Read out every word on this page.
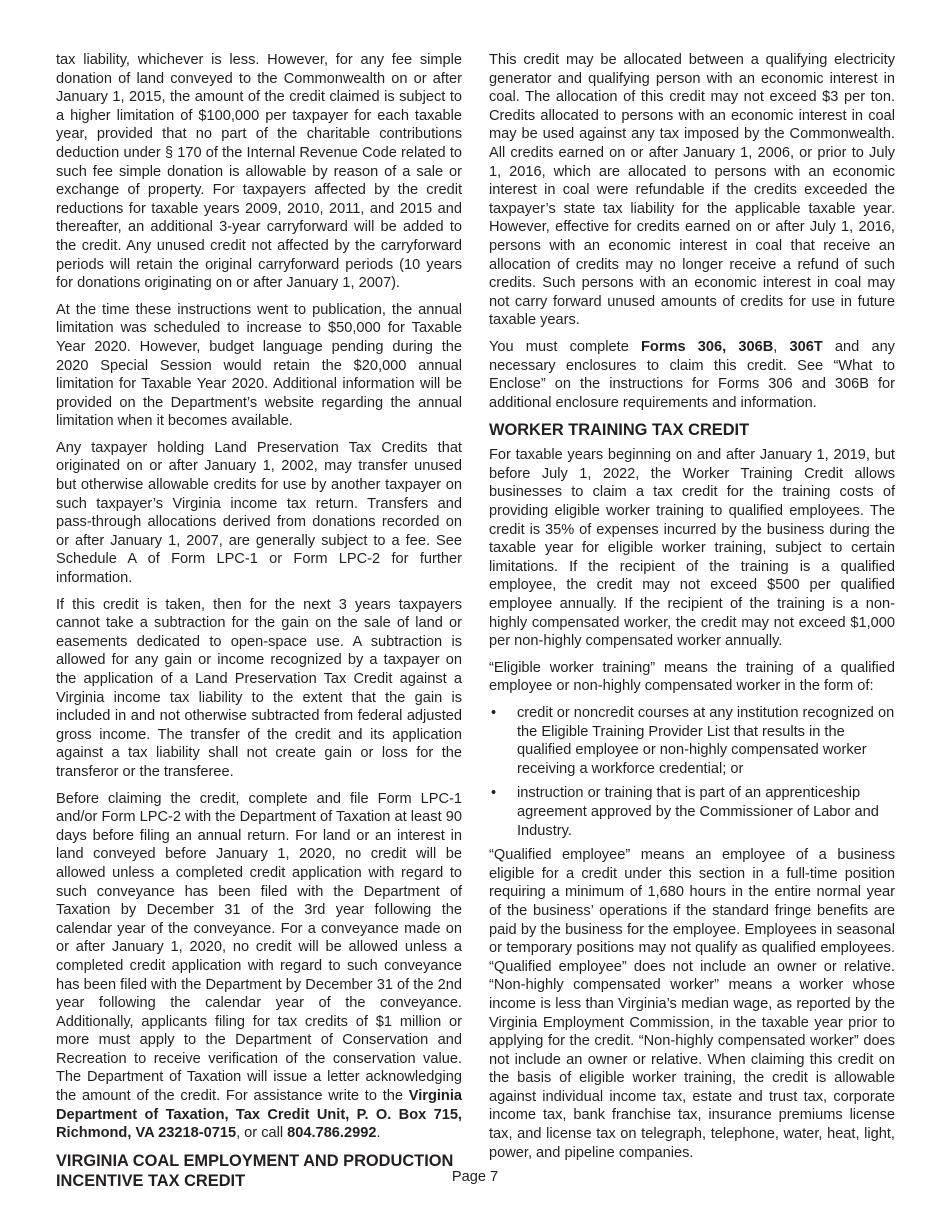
tax liability, whichever is less. However, for any fee simple donation of land conveyed to the Commonwealth on or after January 1, 2015, the amount of the credit claimed is subject to a higher limitation of $100,000 per taxpayer for each taxable year, provided that no part of the charitable contributions deduction under § 170 of the Internal Revenue Code related to such fee simple donation is allowable by reason of a sale or exchange of property. For taxpayers affected by the credit reductions for taxable years 2009, 2010, 2011, and 2015 and thereafter, an additional 3-year carryforward will be added to the credit. Any unused credit not affected by the carryforward periods will retain the original carryforward periods (10 years for donations originating on or after January 1, 2007).

At the time these instructions went to publication, the annual limitation was scheduled to increase to $50,000 for Taxable Year 2020. However, budget language pending during the 2020 Special Session would retain the $20,000 annual limitation for Taxable Year 2020. Additional information will be provided on the Department’s website regarding the annual limitation when it becomes available.

Any taxpayer holding Land Preservation Tax Credits that originated on or after January 1, 2002, may transfer unused but otherwise allowable credits for use by another taxpayer on such taxpayer’s Virginia income tax return. Transfers and pass-through allocations derived from donations recorded on or after January 1, 2007, are generally subject to a fee. See Schedule A of Form LPC-1 or Form LPC-2 for further information.

If this credit is taken, then for the next 3 years taxpayers cannot take a subtraction for the gain on the sale of land or easements dedicated to open-space use. A subtraction is allowed for any gain or income recognized by a taxpayer on the application of a Land Preservation Tax Credit against a Virginia income tax liability to the extent that the gain is included in and not otherwise subtracted from federal adjusted gross income. The transfer of the credit and its application against a tax liability shall not create gain or loss for the transferor or the transferee.

Before claiming the credit, complete and file Form LPC-1 and/or Form LPC-2 with the Department of Taxation at least 90 days before filing an annual return. For land or an interest in land conveyed before January 1, 2020, no credit will be allowed unless a completed credit application with regard to such conveyance has been filed with the Department of Taxation by December 31 of the 3rd year following the calendar year of the conveyance. For a conveyance made on or after January 1, 2020, no credit will be allowed unless a completed credit application with regard to such conveyance has been filed with the Department by December 31 of the 2nd year following the calendar year of the conveyance. Additionally, applicants filing for tax credits of $1 million or more must apply to the Department of Conservation and Recreation to receive verification of the conservation value. The Department of Taxation will issue a letter acknowledging the amount of the credit. For assistance write to the Virginia Department of Taxation, Tax Credit Unit, P. O. Box 715, Richmond, VA 23218-0715, or call 804.786.2992.

VIRGINIA COAL EMPLOYMENT AND PRODUCTION INCENTIVE TAX CREDIT

This credit may be allocated between a qualifying electricity generator and qualifying person with an economic interest in coal. The allocation of this credit may not exceed $3 per ton. Credits allocated to persons with an economic interest in coal may be used against any tax imposed by the Commonwealth. All credits earned on or after January 1, 2006, or prior to July 1, 2016, which are allocated to persons with an economic interest in coal were refundable if the credits exceeded the taxpayer’s state tax liability for the applicable taxable year. However, effective for credits earned on or after July 1, 2016, persons with an economic interest in coal that receive an allocation of credits may no longer receive a refund of such credits. Such persons with an economic interest in coal may not carry forward unused amounts of credits for use in future taxable years.

You must complete Forms 306, 306B, 306T and any necessary enclosures to claim this credit. See “What to Enclose” on the instructions for Forms 306 and 306B for additional enclosure requirements and information.

WORKER TRAINING TAX CREDIT

For taxable years beginning on and after January 1, 2019, but before July 1, 2022, the Worker Training Credit allows businesses to claim a tax credit for the training costs of providing eligible worker training to qualified employees. The credit is 35% of expenses incurred by the business during the taxable year for eligible worker training, subject to certain limitations. If the recipient of the training is a qualified employee, the credit may not exceed $500 per qualified employee annually. If the recipient of the training is a non-highly compensated worker, the credit may not exceed $1,000 per non-highly compensated worker annually.

“Eligible worker training” means the training of a qualified employee or non-highly compensated worker in the form of:

• credit or noncredit courses at any institution recognized on the Eligible Training Provider List that results in the qualified employee or non-highly compensated worker receiving a workforce credential; or
• instruction or training that is part of an apprenticeship agreement approved by the Commissioner of Labor and Industry.

“Qualified employee” means an employee of a business eligible for a credit under this section in a full-time position requiring a minimum of 1,680 hours in the entire normal year of the business’ operations if the standard fringe benefits are paid by the business for the employee. Employees in seasonal or temporary positions may not qualify as qualified employees. “Qualified employee” does not include an owner or relative. “Non-highly compensated worker” means a worker whose income is less than Virginia’s median wage, as reported by the Virginia Employment Commission, in the taxable year prior to applying for the credit. “Non-highly compensated worker” does not include an owner or relative. When claiming this credit on the basis of eligible worker training, the credit is allowable against individual income tax, estate and trust tax, corporate income tax, bank franchise tax, insurance premiums license tax, and license tax on telegraph, telephone, water, heat, light, power, and pipeline companies.

Page 7
